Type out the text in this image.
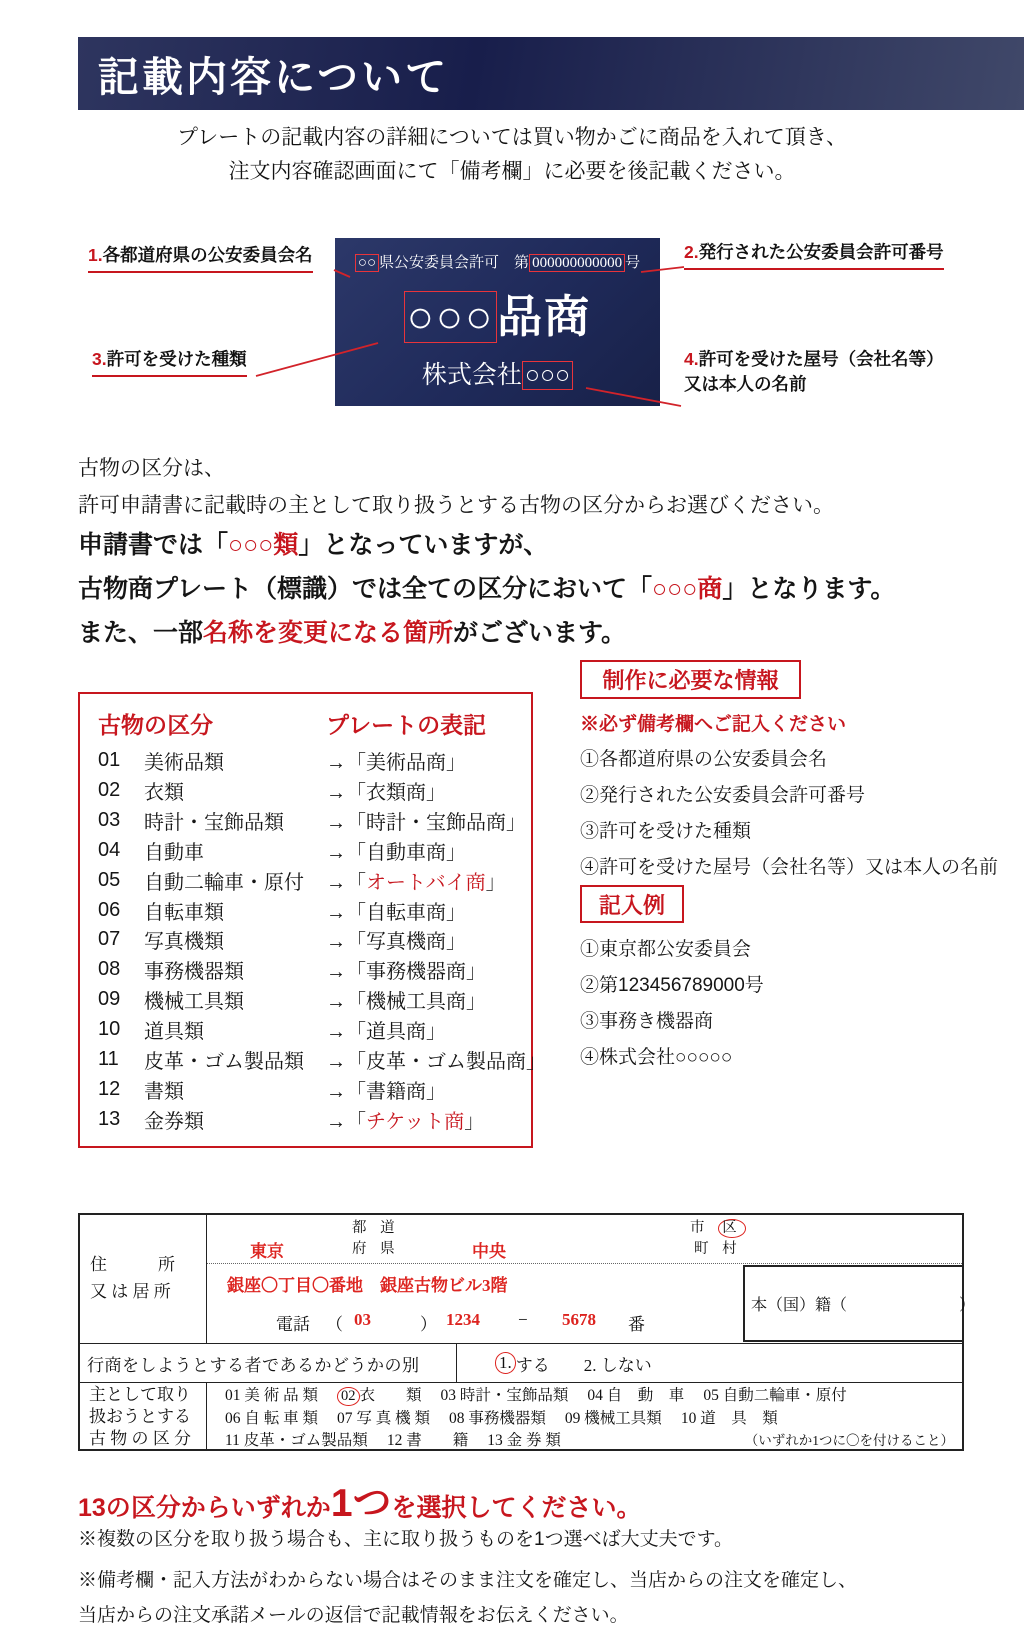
記載内容について
プレートの記載内容の詳細については買い物かごに商品を入れて頂き、
注文内容確認画面にて「備考欄」に必要を後記載ください。
1.各都道府県の公安委員会名	2.発行された公安委員会許可番号
3.許可を受けた種類	4.許可を受けた屋号（会社名等）
又は本人の名前
○○ 県公安委員会許可　第 000000000000 号
○○○品商
株式会社 ○○○
古物の区分は、
許可申請書に記載時の主として取り扱うとする古物の区分からお選びください。
申請書では「○○○類」となっていますが、
古物商プレート（標識）では全ての区分において「○○○商」となります。
また、一部名称を変更になる箇所がございます。
古物の区分	プレートの表記
01	美術品類	→「美術品商」
02	衣類	→「衣類商」
03	時計・宝飾品類	→「時計・宝飾品商」
04	自動車	→「自動車商」
05	自動二輪車・原付	→「オートバイ商」
06	自転車類	→「自転車商」
07	写真機類	→「写真機商」
08	事務機器類	→「事務機器商」
09	機械工具類	→「機械工具商」
10	道具類	→「道具商」
11	皮革・ゴム製品類	→「皮革・ゴム製品商」
12	書類	→「書籍商」
13	金券類	→「チケット商」
制作に必要な情報
※必ず備考欄へご記入ください
①各都道府県の公安委員会名
②発行された公安委員会許可番号
③許可を受けた種類
④許可を受けた屋号（会社名等）又は本人の名前
記入例
①東京都公安委員会
②第123456789000号
③事務き機器商
④株式会社○○○○○
住　　　所
又 は 居 所
東京
都 道
府 県	中央
市 区
町 村
銀座〇丁目〇番地　銀座古物ビル3階
電話 （ 03	） 1234 − 5678 番
本（国）籍（　　　　　　　）
行商をしようとする者であるかどうかの別	1. する 2. しない
主として取り
扱おうとする
古 物 の 区 分
01 美 術 品 類 02 衣　　類 03 時計・宝飾品類 04 自　動　車 05 自動二輪車・原付
06 自 転 車 類 07 写 真 機 類 08 事務機器類 09 機械工具類 10 道　具　類
11 皮革・ゴム製品類 12 書　　籍 13 金 券 類	（いずれか1つに〇を付けること）
13の区分からいずれか1つを選択してください。
※複数の区分を取り扱う場合も、主に取り扱うものを1つ選べば大丈夫です。
※備考欄・記入方法がわからない場合はそのまま注文を確定し、当店からの注文を確定し、
当店からの注文承諾メールの返信で記載情報をお伝えください。
